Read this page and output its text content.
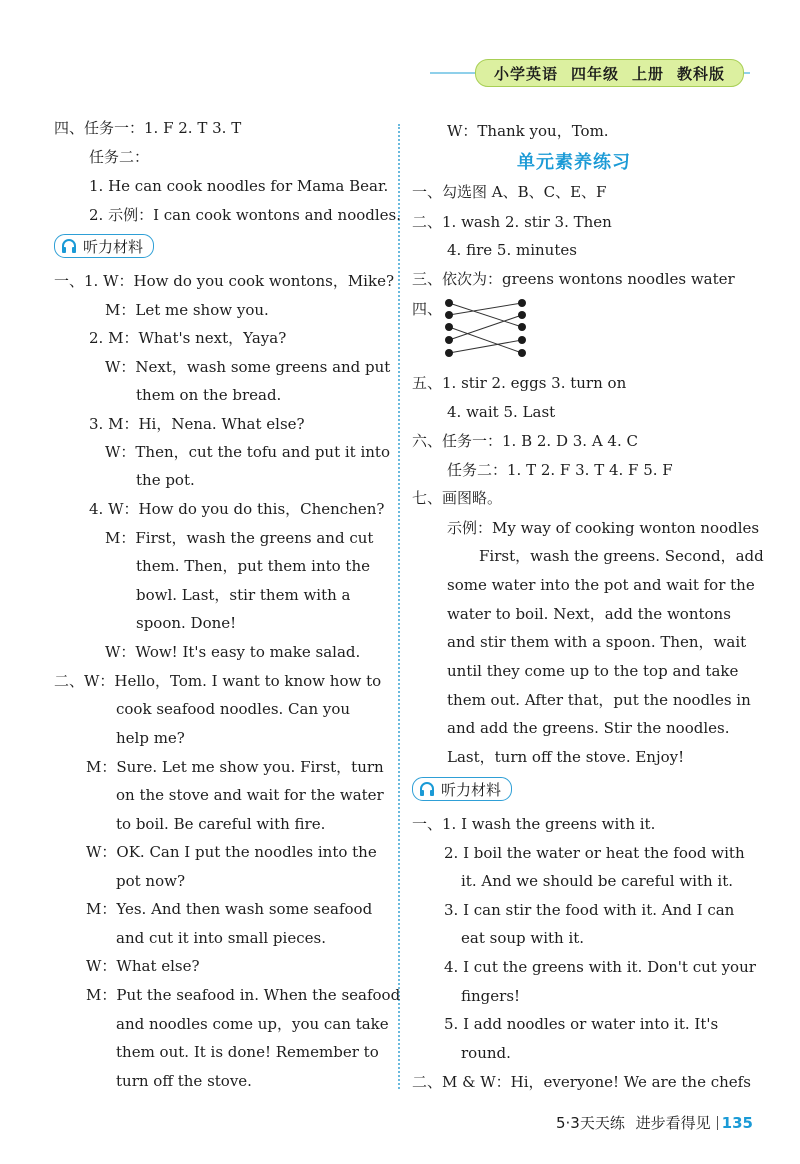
小学英语 四年级 上册 教科版
四、任务一：1. F 2. T 3. T
任务二：
1. He can cook noodles for Mama Bear.
2. 示例：I can cook wontons and noodles.
听力材料
一、1. W：How do you cook wontons，Mike?
M：Let me show you.
2. M：What's next，Yaya?
W：Next，wash some greens and put
them on the bread.
3. M：Hi，Nena. What else?
W：Then，cut the tofu and put it into
the pot.
4. W：How do you do this，Chenchen?
M：First，wash the greens and cut
them. Then，put them into the
bowl. Last，stir them with a
spoon. Done!
W：Wow! It's easy to make salad.
二、W：Hello，Tom. I want to know how to
cook seafood noodles. Can you
help me?
M：Sure. Let me show you. First，turn
on the stove and wait for the water
to boil. Be careful with fire.
W：OK. Can I put the noodles into the
pot now?
M：Yes. And then wash some seafood
and cut it into small pieces.
W：What else?
M：Put the seafood in. When the seafood
and noodles come up，you can take
them out. It is done! Remember to
turn off the stove.
W：Thank you，Tom.
单元素养练习
一、勾选图 A、B、C、E、F
二、1. wash 2. stir 3. Then
4. fire 5. minutes
三、依次为：greens wontons noodles water
四、
五、1. stir 2. eggs 3. turn on
4. wait 5. Last
六、任务一：1. B 2. D 3. A 4. C
任务二：1. T 2. F 3. T 4. F 5. F
七、画图略。
示例：My way of cooking wonton noodles
First，wash the greens. Second，add
some water into the pot and wait for the
water to boil. Next，add the wontons
and stir them with a spoon. Then，wait
until they come up to the top and take
them out. After that，put the noodles in
and add the greens. Stir the noodles.
Last，turn off the stove. Enjoy!
听力材料
一、1. I wash the greens with it.
2. I boil the water or heat the food with
it. And we should be careful with it.
3. I can stir the food with it. And I can
eat soup with it.
4. I cut the greens with it. Don't cut your
fingers!
5. I add noodles or water into it. It's
round.
二、M & W：Hi，everyone! We are the chefs
5·3天天练 进步看得见 135
